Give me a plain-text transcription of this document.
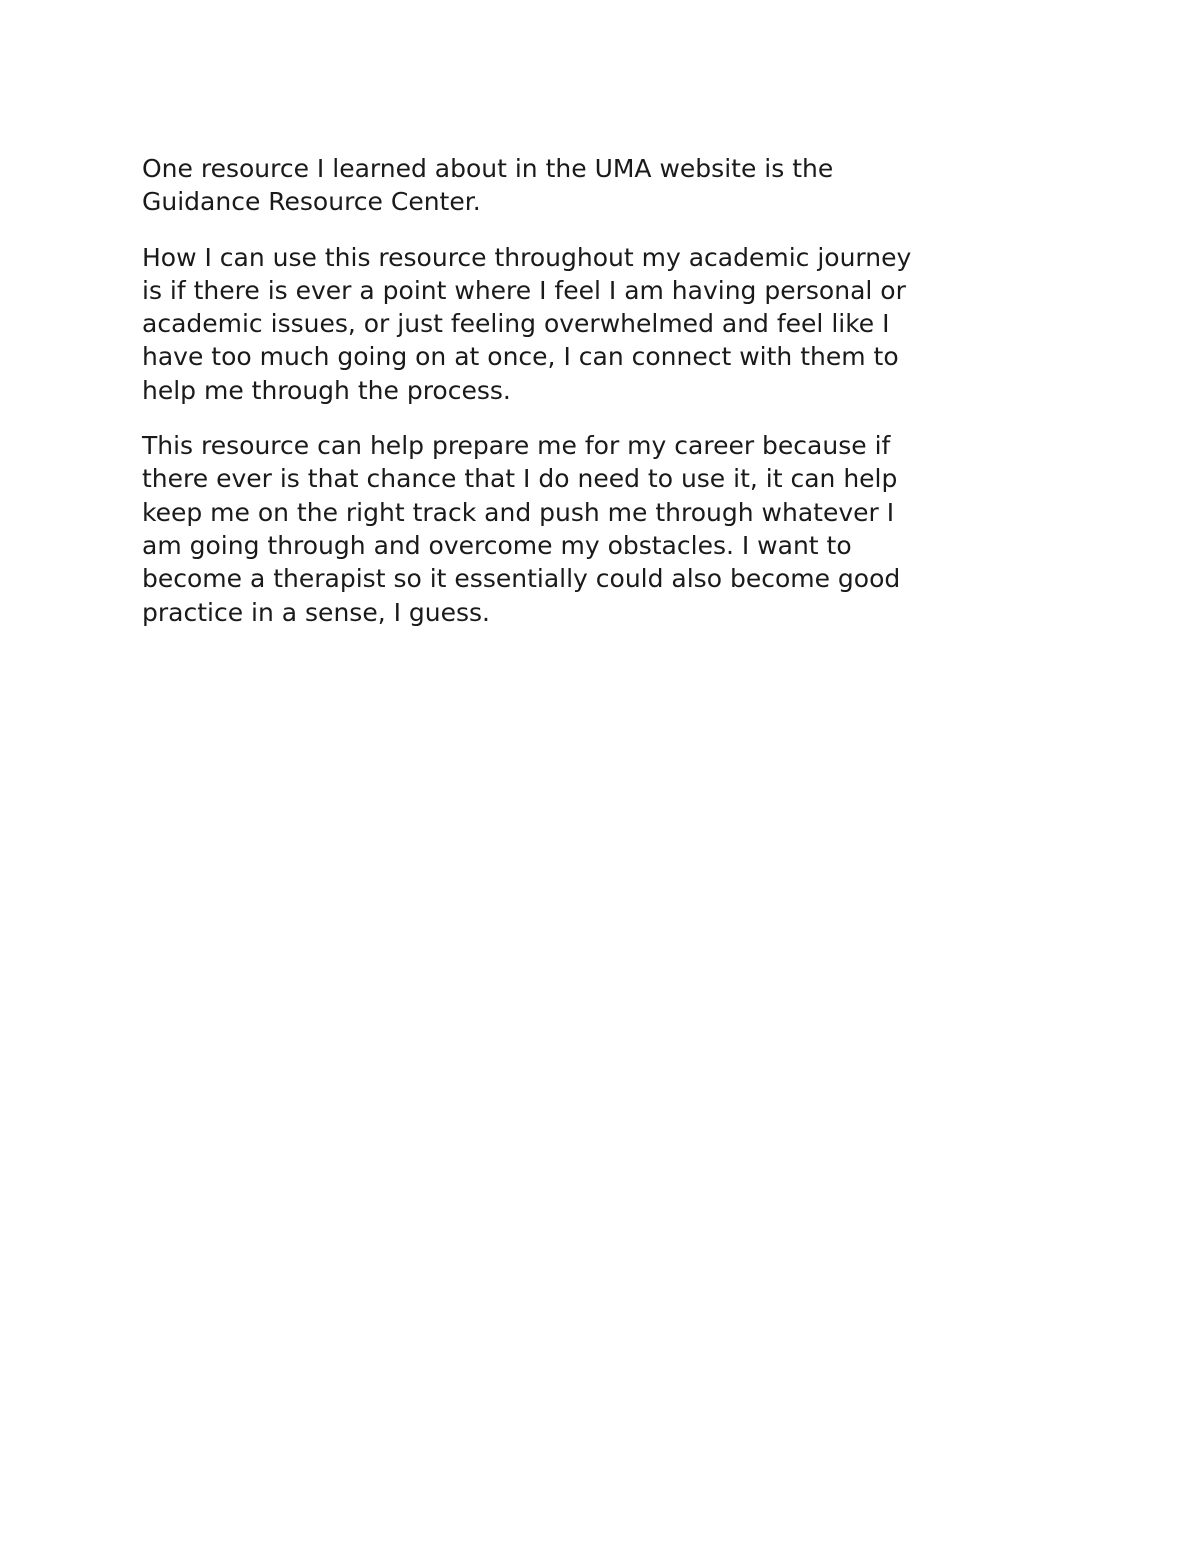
One resource I learned about in the UMA website is the
Guidance Resource Center.

How I can use this resource throughout my academic journey
is if there is ever a point where I feel I am having personal or
academic issues, or just feeling overwhelmed and feel like I
have too much going on at once, I can connect with them to
help me through the process.

This resource can help prepare me for my career because if
there ever is that chance that I do need to use it, it can help
keep me on the right track and push me through whatever I
am going through and overcome my obstacles. I want to
become a therapist so it essentially could also become good
practice in a sense, I guess.
